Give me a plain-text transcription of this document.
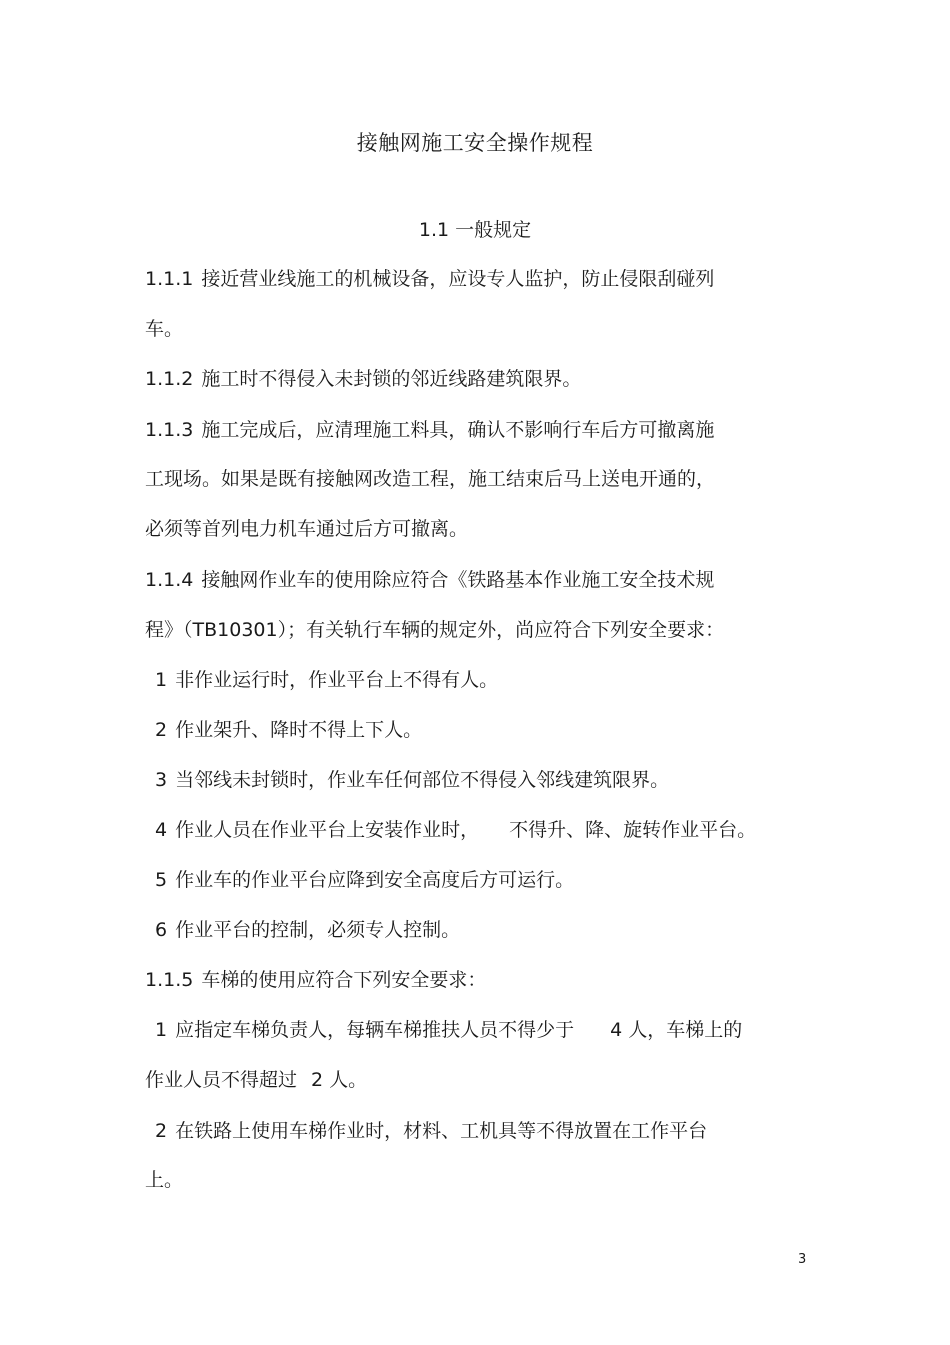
接触网施工安全操作规程
1.1 一般规定
1.1.1 接近营业线施工的机械设备，应设专人监护，防止侵限刮碰列
车。
1.1.2 施工时不得侵入未封锁的邻近线路建筑限界。
1.1.3 施工完成后，应清理施工料具，确认不影响行车后方可撤离施
工现场。如果是既有接触网改造工程，施工结束后马上送电开通的，
必须等首列电力机车通过后方可撤离。
1.1.4 接触网作业车的使用除应符合《铁路基本作业施工安全技术规
程》（TB10301）；有关轨行车辆的规定外，尚应符合下列安全要求：
1 非作业运行时，作业平台上不得有人。
2 作业架升、降时不得上下人。
3 当邻线未封锁时，作业车任何部位不得侵入邻线建筑限界。
4 作业人员在作业平台上安装作业时， 不得升、降、旋转作业平台。
5 作业车的作业平台应降到安全高度后方可运行。
6 作业平台的控制，必须专人控制。
1.1.5 车梯的使用应符合下列安全要求：
1 应指定车梯负责人，每辆车梯推扶人员不得少于 4 人，车梯上的
作业人员不得超过 2 人。
2 在铁路上使用车梯作业时，材料、工机具等不得放置在工作平台
上。
3
